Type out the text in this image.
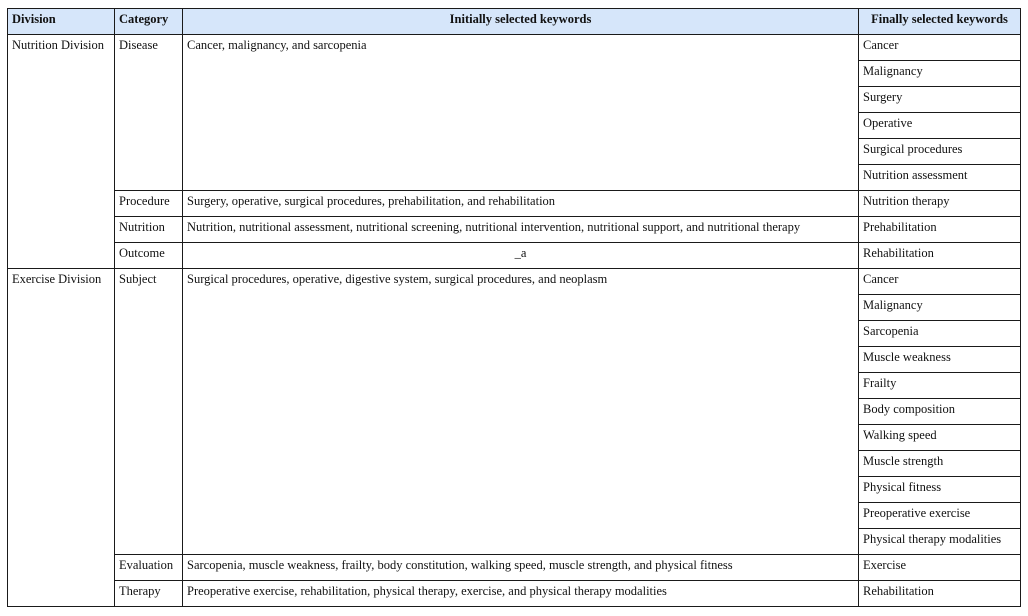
Division	Category	Initially selected keywords	Finally selected keywords
Nutrition Division	Disease	Cancer, malignancy, and sarcopenia	Cancer
			Malignancy
			Surgery
			Operative
			Surgical procedures
			Nutrition assessment
	Procedure	Surgery, operative, surgical procedures, prehabilitation, and rehabilitation	Nutrition therapy
	Nutrition	Nutrition, nutritional assessment, nutritional screening, nutritional intervention, nutritional support, and nutritional therapy	Prehabilitation
	Outcome	_a	Rehabilitation
Exercise Division	Subject	Surgical procedures, operative, digestive system, surgical procedures, and neoplasm	Cancer
			Malignancy
			Sarcopenia
			Muscle weakness
			Frailty
			Body composition
			Walking speed
			Muscle strength
			Physical fitness
			Preoperative exercise
			Physical therapy modalities
	Evaluation	Sarcopenia, muscle weakness, frailty, body constitution, walking speed, muscle strength, and physical fitness	Exercise
	Therapy	Preoperative exercise, rehabilitation, physical therapy, exercise, and physical therapy modalities	Rehabilitation
